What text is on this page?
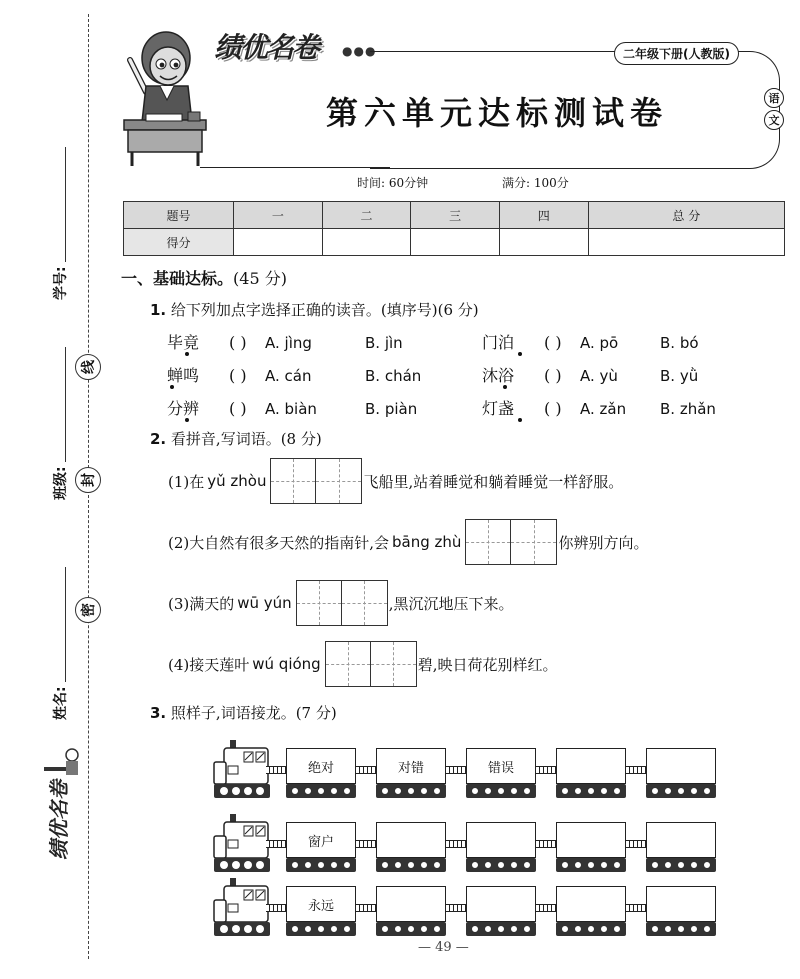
线
封
密
学号:
班级:
姓名:
绩优名卷
绩优名卷 ●●●	二年级下册(人教版)
第六单元达标测试卷	语
文
时间: 60分钟	满分: 100分
题号	一	二	三	四	总 分
得分					
一、基础达标。(45 分)
1. 给下列加点字选择正确的读音。(填序号)(6 分)
毕竟 ( ) A. jìng	B. jìn	门泊 ( ) A. pō	B. bó
蝉鸣 ( ) A. cán	B. chán	沐浴 ( ) A. yù	B. yǜ
分辨 ( ) A. biàn	B. piàn	灯盏 ( ) A. zǎn B. zhǎn
2. 看拼音,写词语。(8 分)
(1)在 yǔ zhòu	飞船里,站着睡觉和躺着睡觉一样舒服。
(2)大自然有很多天然的指南针,会 bāng zhù	你辨别方向。
(3)满天的 wū yún	,黑沉沉地压下来。
(4)接天莲叶 wú qióng	碧,映日荷花别样红。
3. 照样子,词语接龙。(7 分)
绝对	对错	错误
窗户
永远
— 49 —
